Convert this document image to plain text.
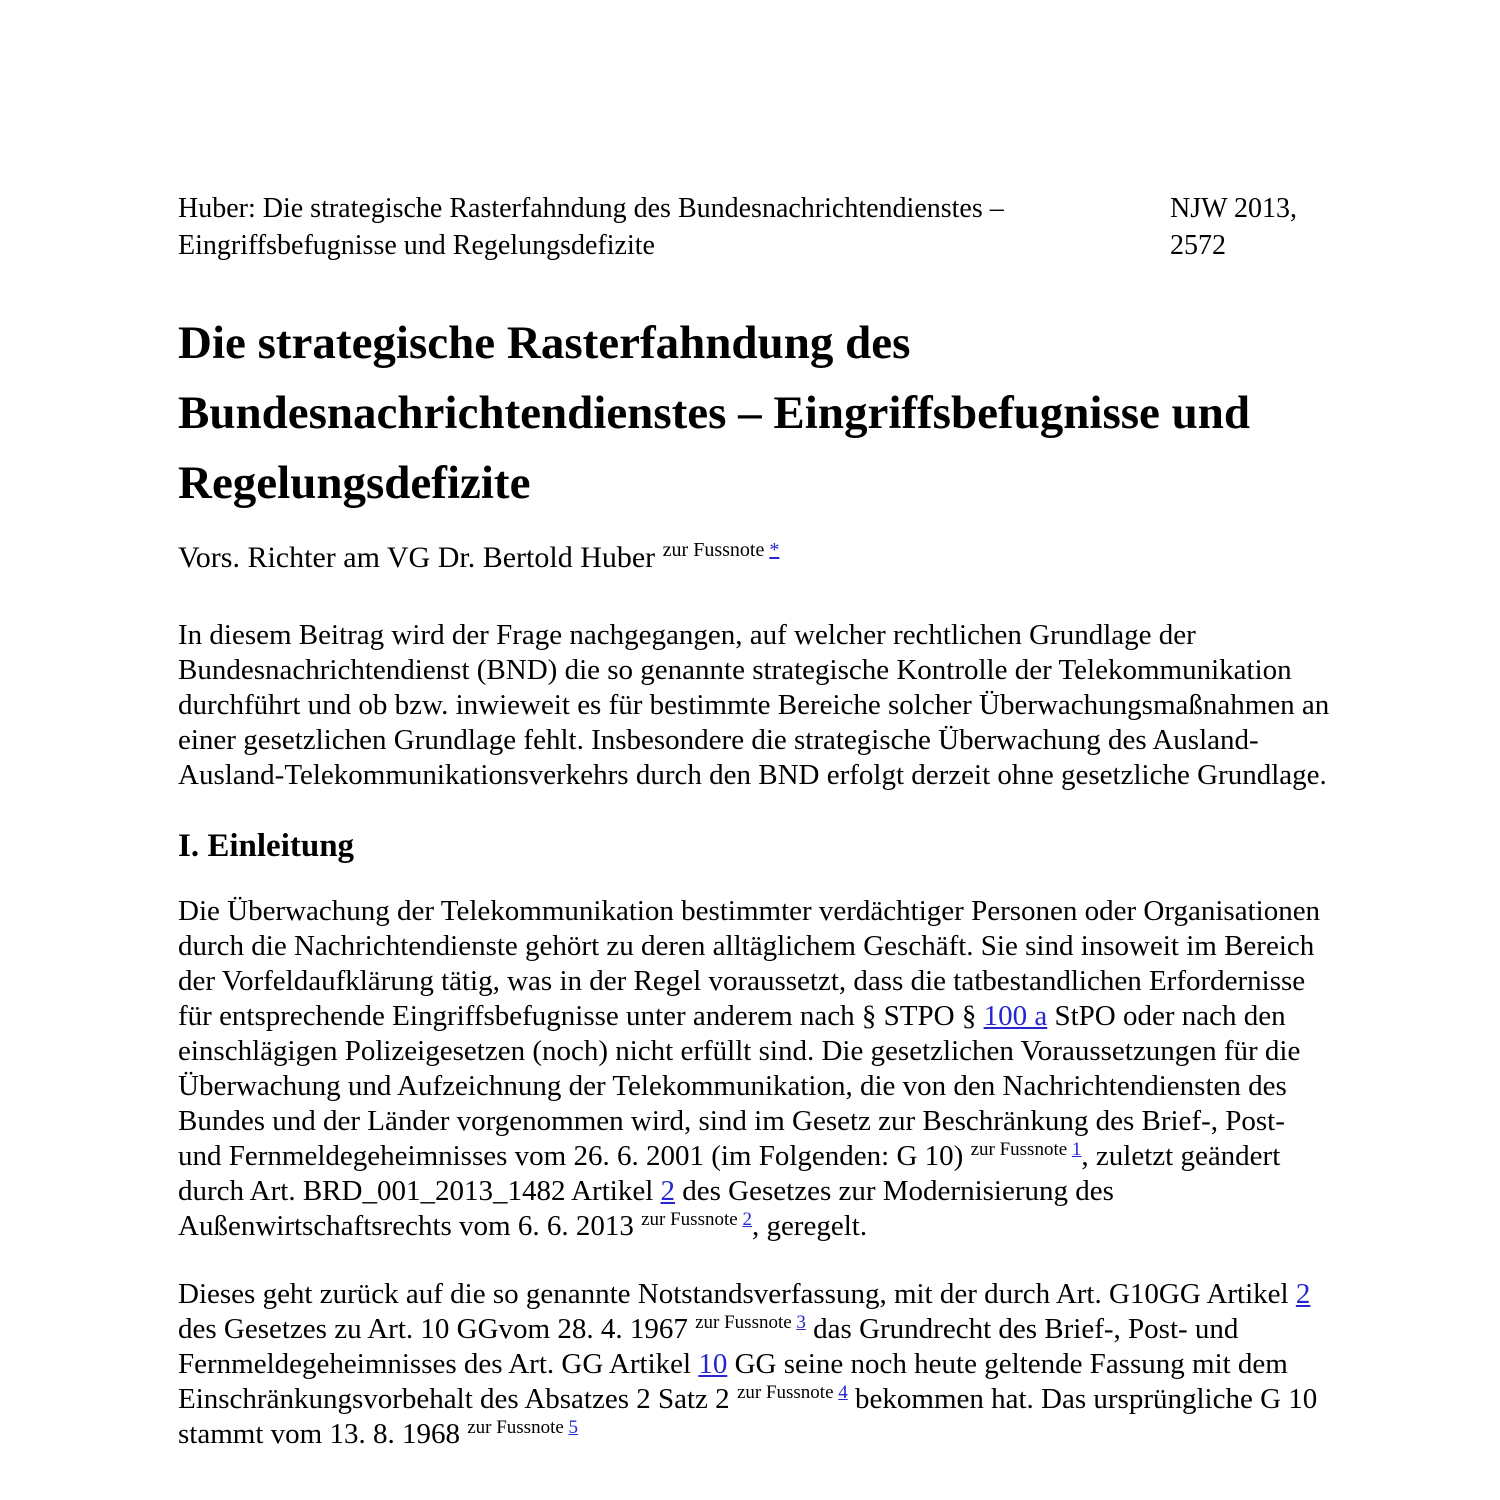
Huber: Die strategische Rasterfahndung des Bundesnachrichtendienstes – Eingriffsbefugnisse und Regelungsdefizite
NJW 2013,
2572
Die strategische Rasterfahndung des Bundesnachrichtendienstes – Eingriffsbefugnisse und Regelungsdefizite
Vors. Richter am VG Dr. Bertold Huber $^{zur Fussnote *}$

In diesem Beitrag wird der Frage nachgegangen, auf welcher rechtlichen Grundlage der Bundesnachrichtendienst (BND) die so genannte strategische Kontrolle der Telekommunikation durchführt und ob bzw. inwieweit es für bestimmte Bereiche solcher Überwachungsmaßnahmen an einer gesetzlichen Grundlage fehlt. Insbesondere die strategische Überwachung des Ausland-Ausland-Telekommunikationsverkehrs durch den BND erfolgt derzeit ohne gesetzliche Grundlage.

I. Einleitung

Die Überwachung der Telekommunikation bestimmter verdächtiger Personen oder Organisationen durch die Nachrichtendienste gehört zu deren alltäglichem Geschäft. Sie sind insoweit im Bereich der Vorfeldaufklärung tätig, was in der Regel voraussetzt, dass die tatbestandlichen Erfordernisse für entsprechende Eingriffsbefugnisse unter anderem nach § STPO § 100 a StPO oder nach den einschlägigen Polizeigesetzen (noch) nicht erfüllt sind. Die gesetzlichen Voraussetzungen für die Überwachung und Aufzeichnung der Telekommunikation, die von den Nachrichtendiensten des Bundes und der Länder vorgenommen wird, sind im Gesetz zur Beschränkung des Brief-, Post- und Fernmeldegeheimnisses vom 26. 6. 2001 (im Folgenden: G 10) $^{zur Fussnote 1}$, zuletzt geändert durch Art. BRD_001_2013_1482 Artikel 2 des Gesetzes zur Modernisierung des Außenwirtschaftsrechts vom 6. 6. 2013 $^{zur Fussnote 2}$, geregelt.

Dieses geht zurück auf die so genannte Notstandsverfassung, mit der durch Art. G10GG Artikel 2 des Gesetzes zu Art. 10 GGvom 28. 4. 1967 $^{zur Fussnote 3}$ das Grundrecht des Brief-, Post- und Fernmeldegeheimnisses des Art. GG Artikel 10 GG seine noch heute geltende Fassung mit dem Einschränkungsvorbehalt des Absatzes 2 Satz 2 $^{zur Fussnote 4}$ bekommen hat. Das ursprüngliche G 10 stammt vom 13. 8. 1968 $^{zur Fussnote 5}$
